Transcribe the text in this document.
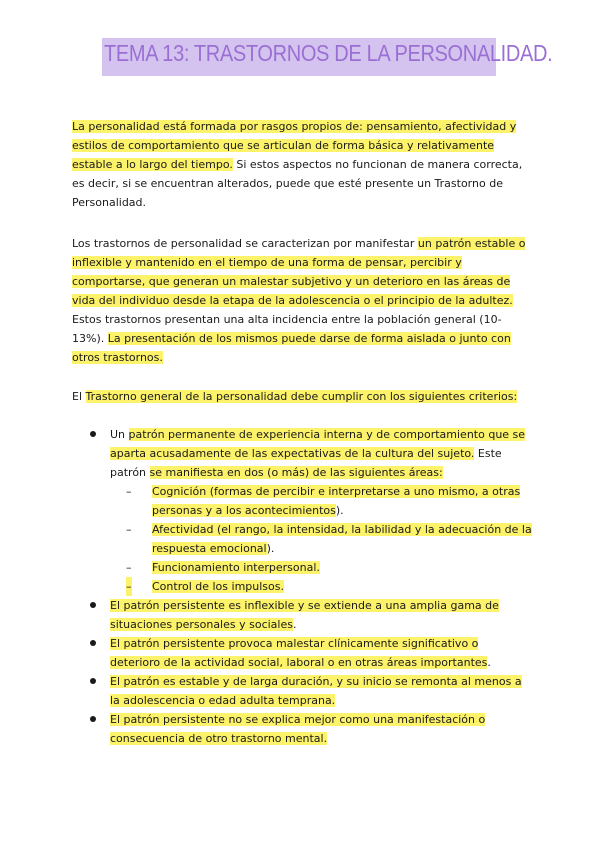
TEMA 13: TRASTORNOS DE LA PERSONALIDAD.

La personalidad está formada por rasgos propios de: pensamiento, afectividad y estilos de comportamiento que se articulan de forma básica y relativamente estable a lo largo del tiempo. Si estos aspectos no funcionan de manera correcta, es decir, si se encuentran alterados, puede que esté presente un Trastorno de Personalidad.

Los trastornos de personalidad se caracterizan por manifestar un patrón estable o inflexible y mantenido en el tiempo de una forma de pensar, percibir y comportarse, que generan un malestar subjetivo y un deterioro en las áreas de vida del individuo desde la etapa de la adolescencia o el principio de la adultez. Estos trastornos presentan una alta incidencia entre la población general (10-13%). La presentación de los mismos puede darse de forma aislada o junto con otros trastornos.

El Trastorno general de la personalidad debe cumplir con los siguientes criterios:

Un patrón permanente de experiencia interna y de comportamiento que se aparta acusadamente de las expectativas de la cultura del sujeto. Este patrón se manifiesta en dos (o más) de las siguientes áreas:
– Cognición (formas de percibir e interpretarse a uno mismo, a otras personas y a los acontecimientos).
– Afectividad (el rango, la intensidad, la labilidad y la adecuación de la respuesta emocional).
– Funcionamiento interpersonal.
– Control de los impulsos.
El patrón persistente es inflexible y se extiende a una amplia gama de situaciones personales y sociales.
El patrón persistente provoca malestar clínicamente significativo o deterioro de la actividad social, laboral o en otras áreas importantes.
El patrón es estable y de larga duración, y su inicio se remonta al menos a la adolescencia o edad adulta temprana.
El patrón persistente no se explica mejor como una manifestación o consecuencia de otro trastorno mental.
